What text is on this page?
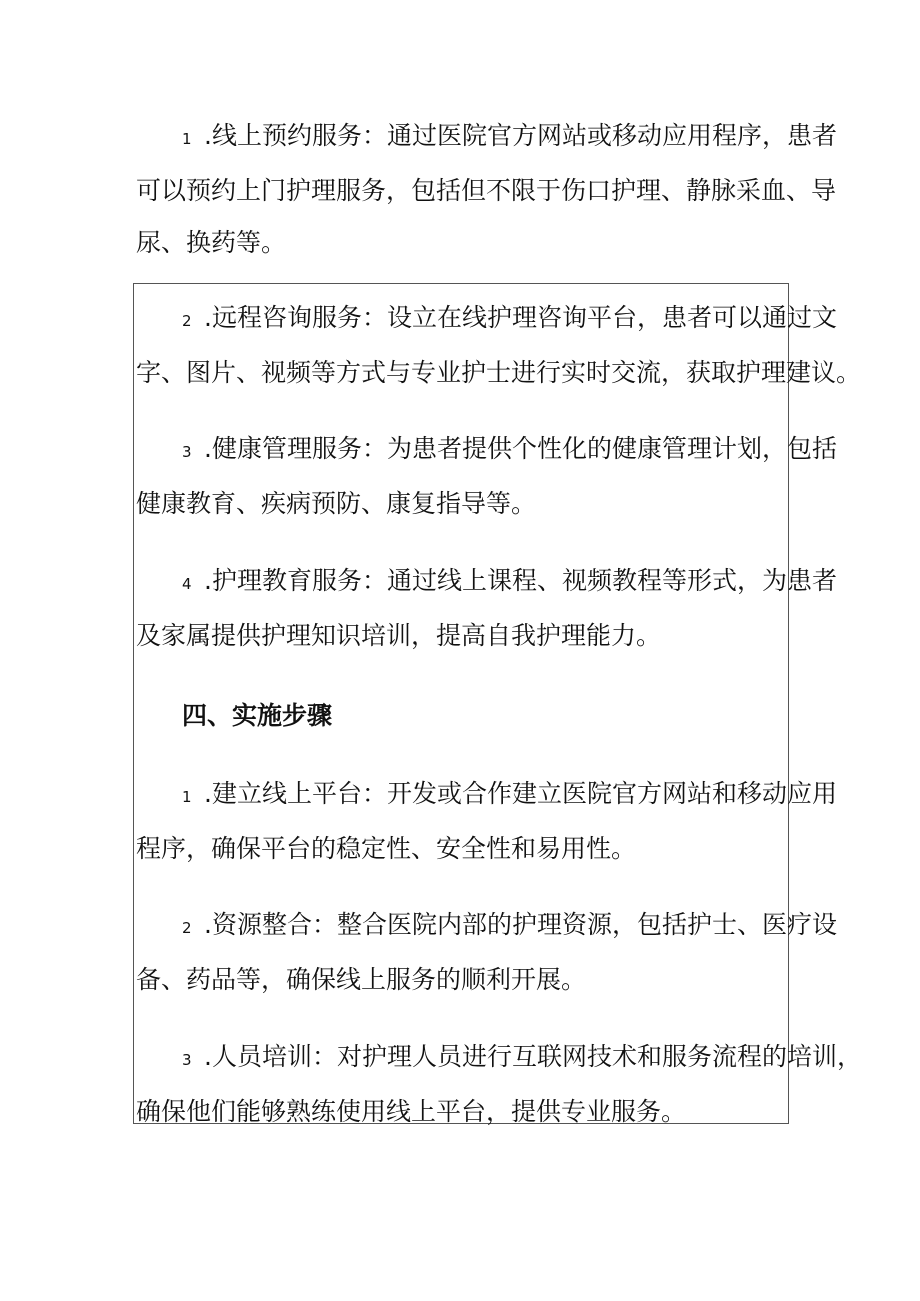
1 .线上预约服务：通过医院官方网站或移动应用程序，患者
可以预约上门护理服务，包括但不限于伤口护理、静脉采血、导
尿、换药等。

2 .远程咨询服务：设立在线护理咨询平台，患者可以通过文
字、图片、视频等方式与专业护士进行实时交流，获取护理建议。

3 .健康管理服务：为患者提供个性化的健康管理计划，包括
健康教育、疾病预防、康复指导等。

4 .护理教育服务：通过线上课程、视频教程等形式，为患者
及家属提供护理知识培训，提高自我护理能力。

四、实施步骤

1 .建立线上平台：开发或合作建立医院官方网站和移动应用
程序，确保平台的稳定性、安全性和易用性。

2 .资源整合：整合医院内部的护理资源，包括护士、医疗设
备、药品等，确保线上服务的顺利开展。

3 .人员培训：对护理人员进行互联网技术和服务流程的培训，
确保他们能够熟练使用线上平台，提供专业服务。
